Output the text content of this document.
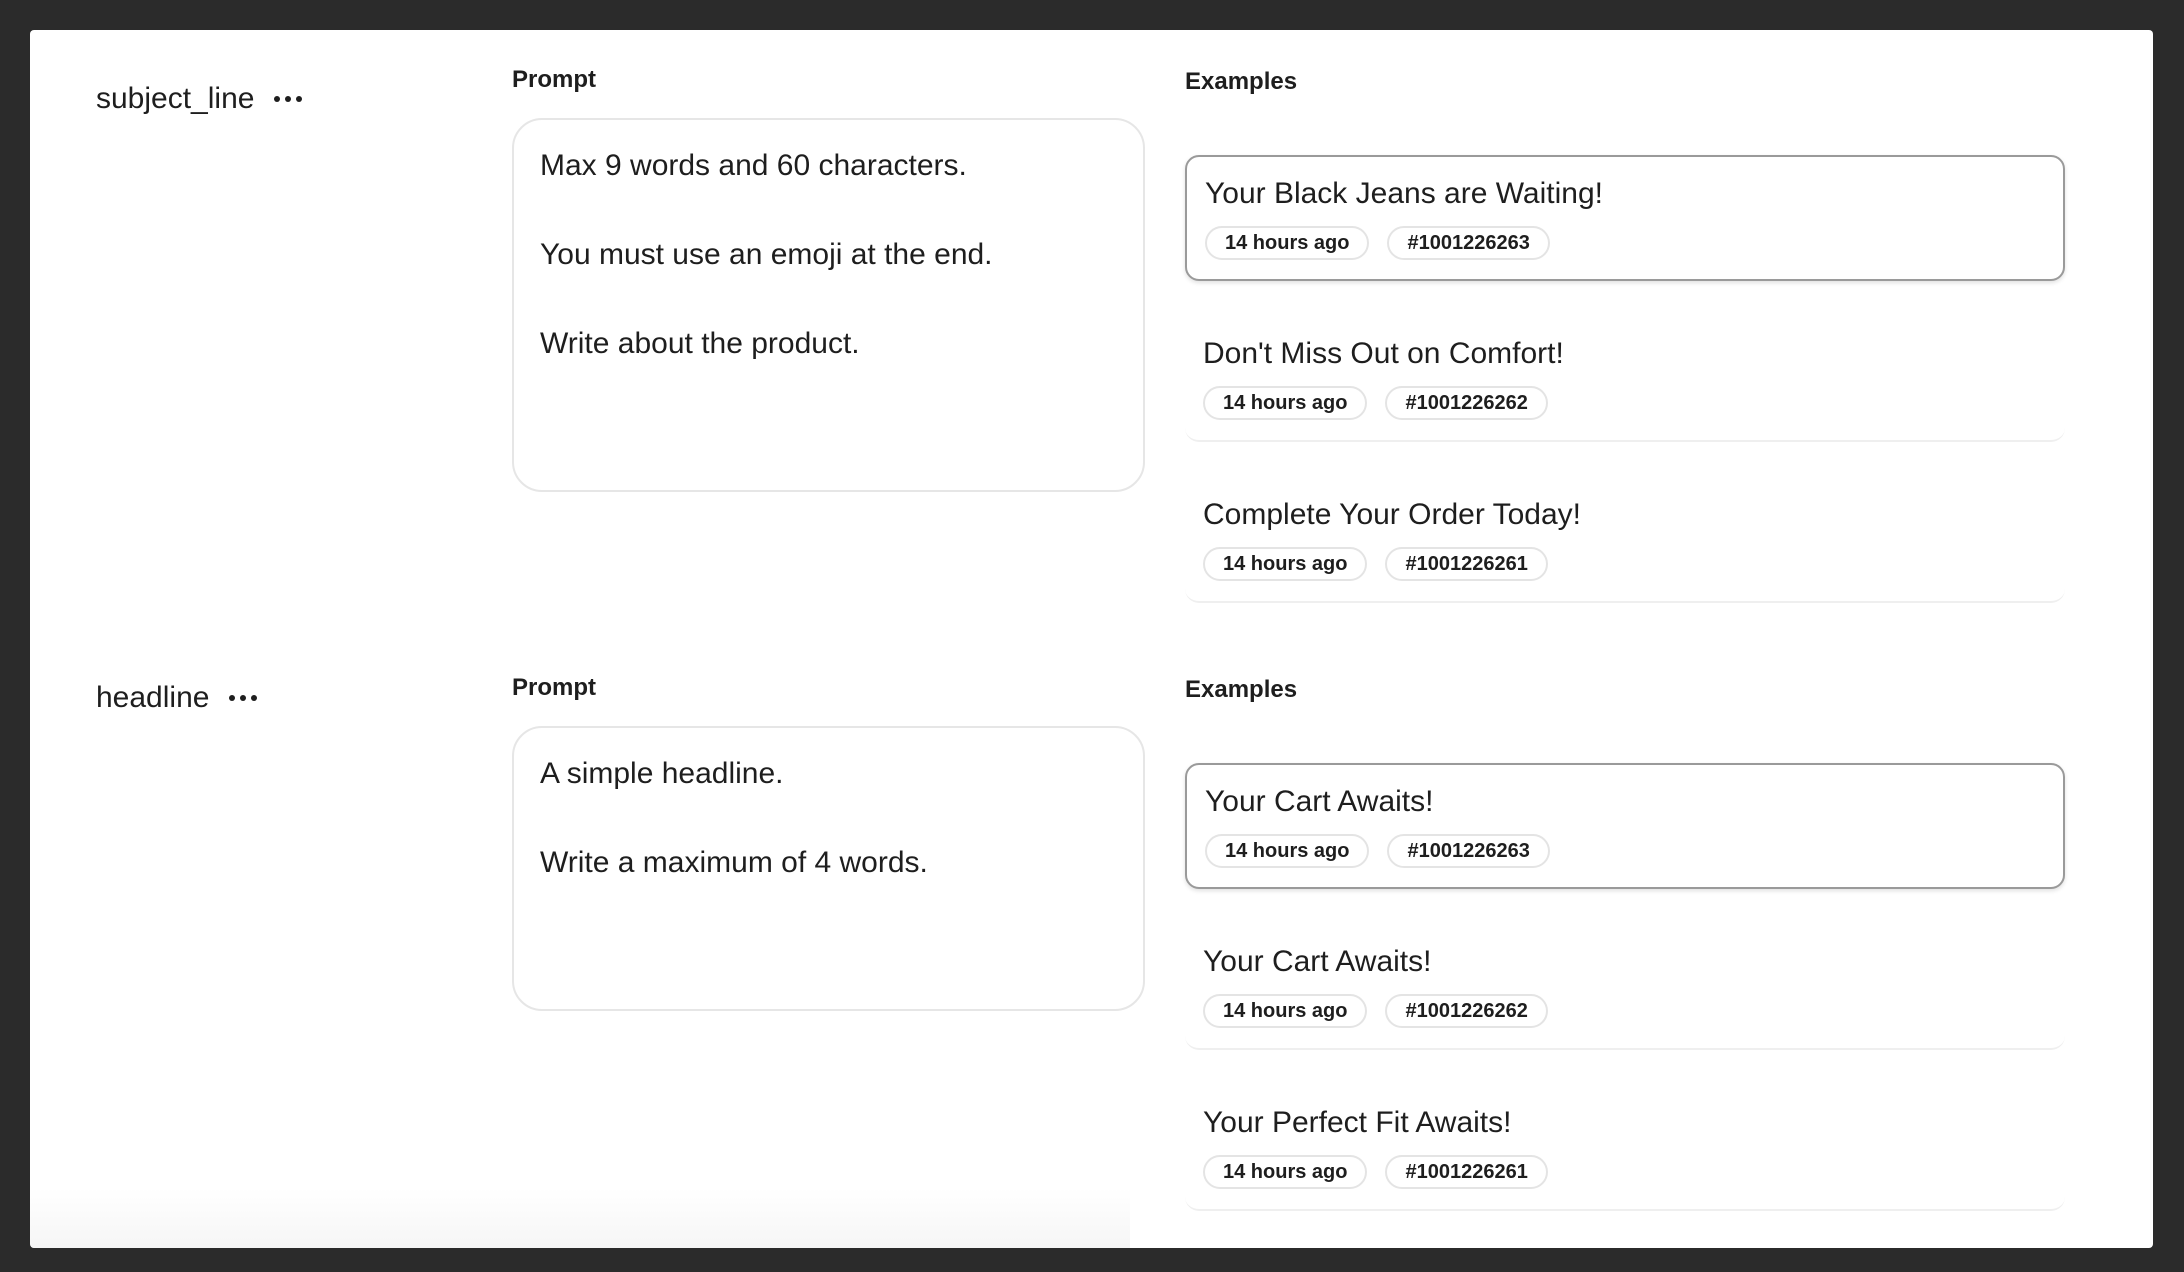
subject_line
Prompt
Max 9 words and 60 characters.
You must use an emoji at the end.
Write about the product.
Examples
Your Black Jeans are Waiting!
14 hours ago	#1001226263
Don't Miss Out on Comfort!
14 hours ago	#1001226262
Complete Your Order Today!
14 hours ago	#1001226261
headline	Prompt
A simple headline.
Write a maximum of 4 words.
Examples
Your Cart Awaits!
14 hours ago	#1001226263
Your Cart Awaits!
14 hours ago	#1001226262
Your Perfect Fit Awaits!
14 hours ago	#1001226261
